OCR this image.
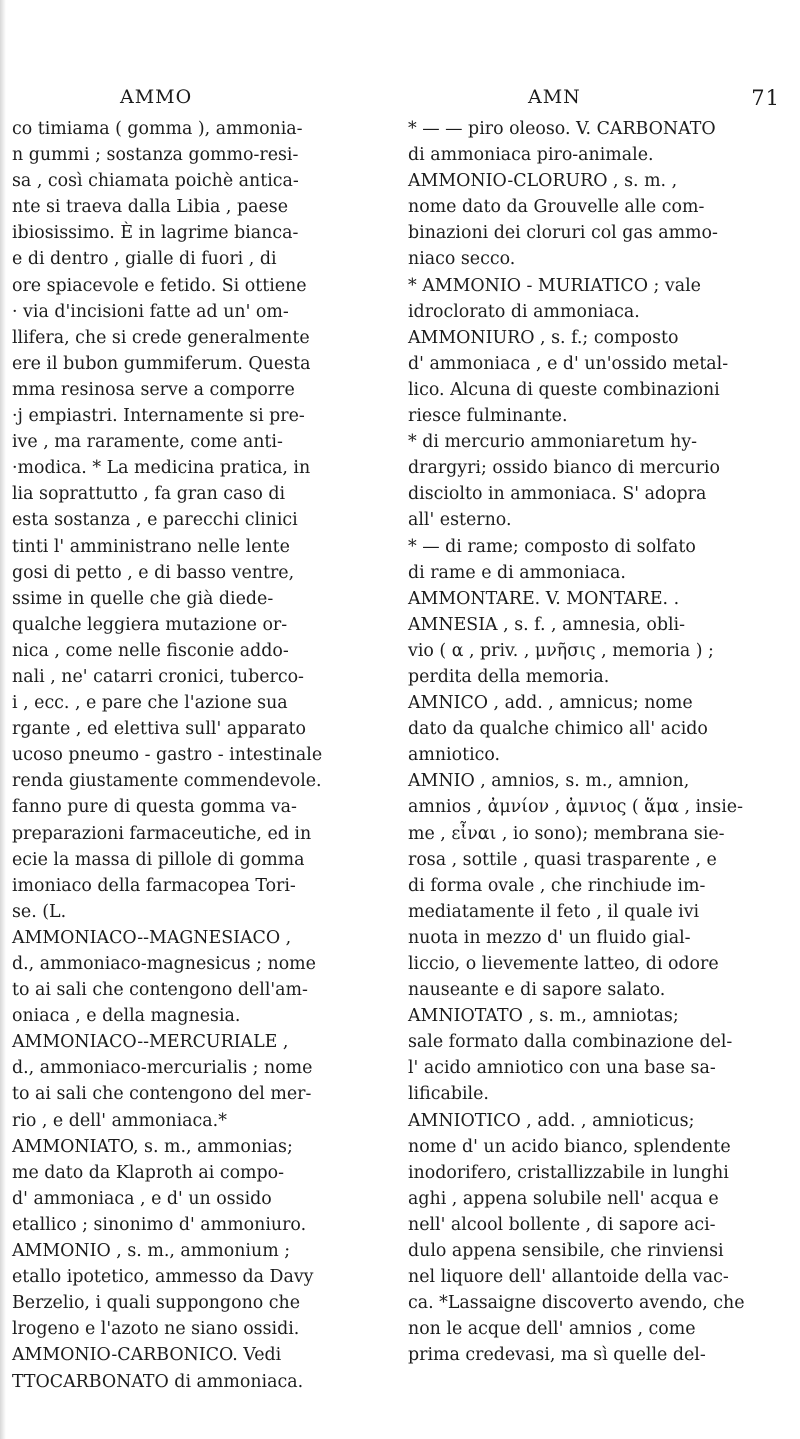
AMMO	AMN	71
co timiama ( gomma ), ammonia-
n gummi ; sostanza gommo-resi-
sa , così chiamata poichè antica-
nte si traeva dalla Libia , paese
ibiosissimo. È in lagrime bianca-
e di dentro , gialle di fuori , di
ore spiacevole e fetido. Si ottiene
· via d'incisioni fatte ad un' om-
llifera, che si crede generalmente
ere il bubon gummiferum. Questa
mma resinosa serve a comporre
·j empiastri. Internamente si pre-
ive , ma raramente, come anti-
·modica. * La medicina pratica, in
lia soprattutto , fa gran caso di
esta sostanza , e parecchi clinici
tinti l' amministrano nelle lente
gosi di petto , e di basso ventre,
ssime in quelle che già diede-
qualche leggiera mutazione or-
nica , come nelle fisconie addo-
nali , ne' catarri cronici, tuberco-
i , ecc. , e pare che l'azione sua
rgante , ed elettiva sull' apparato
ucoso pneumo - gastro - intestinale
renda giustamente commendevole.
fanno pure di questa gomma va-
preparazioni farmaceutiche, ed in
ecie la massa di pillole di gomma
imoniaco della farmacopea Tori-
se. (L.
AMMONIACO--MAGNESIACO ,
d., ammoniaco-magnesicus ; nome
to ai sali che contengono dell'am-
oniaca , e della magnesia.
AMMONIACO--MERCURIALE ,
d., ammoniaco-mercurialis ; nome
to ai sali che contengono del mer-
rio , e dell' ammoniaca.*
AMMONIATO, s. m., ammonias;
me dato da Klaproth ai compo-
d' ammoniaca , e d' un ossido
etallico ; sinonimo d' ammoniuro.
AMMONIO , s. m., ammonium ;
etallo ipotetico, ammesso da Davy
Berzelio, i quali suppongono che
lrogeno e l'azoto ne siano ossidi.
AMMONIO-CARBONICO. Vedi
TTOCARBONATO di ammoniaca.
* — — piro oleoso. V. CARBONATO
di ammoniaca piro-animale.
AMMONIO-CLORURO , s. m. ,
nome dato da Grouvelle alle com-
binazioni dei cloruri col gas ammo-
niaco secco.
* AMMONIO - MURIATICO ; vale
idroclorato di ammoniaca.
AMMONIURO , s. f.; composto
d' ammoniaca , e d' un'ossido metal-
lico. Alcuna di queste combinazioni
riesce fulminante.
* di mercurio ammoniaretum hy-
drargyri; ossido bianco di mercurio
disciolto in ammoniaca. S' adopra
all' esterno.
* — di rame; composto di solfato
di rame e di ammoniaca.
AMMONTARE. V. MONTARE. .
AMNESIA , s. f. , amnesia, obli-
vio ( α , priv. , μνῆσις , memoria ) ;
perdita della memoria.
AMNICO , add. , amnicus; nome
dato da qualche chimico all' acido
amniotico.
AMNIO , amnios, s. m., amnion,
amnios , ἀμνίον , ἀμνιος ( ἅμα , insie-
me , εἶναι , io sono); membrana sie-
rosa , sottile , quasi trasparente , e
di forma ovale , che rinchiude im-
mediatamente il feto , il quale ivi
nuota in mezzo d' un fluido gial-
liccio, o lievemente latteo, di odore
nauseante e di sapore salato.
AMNIOTATO , s. m., amniotas;
sale formato dalla combinazione del-
l' acido amniotico con una base sa-
lificabile.
AMNIOTICO , add. , amnioticus;
nome d' un acido bianco, splendente
inodorifero, cristallizzabile in lunghi
aghi , appena solubile nell' acqua e
nell' alcool bollente , di sapore aci-
dulo appena sensibile, che rinviensi
nel liquore dell' allantoide della vac-
ca. *Lassaigne discoverto avendo, che
non le acque dell' amnios , come
prima credevasi, ma sì quelle del-
